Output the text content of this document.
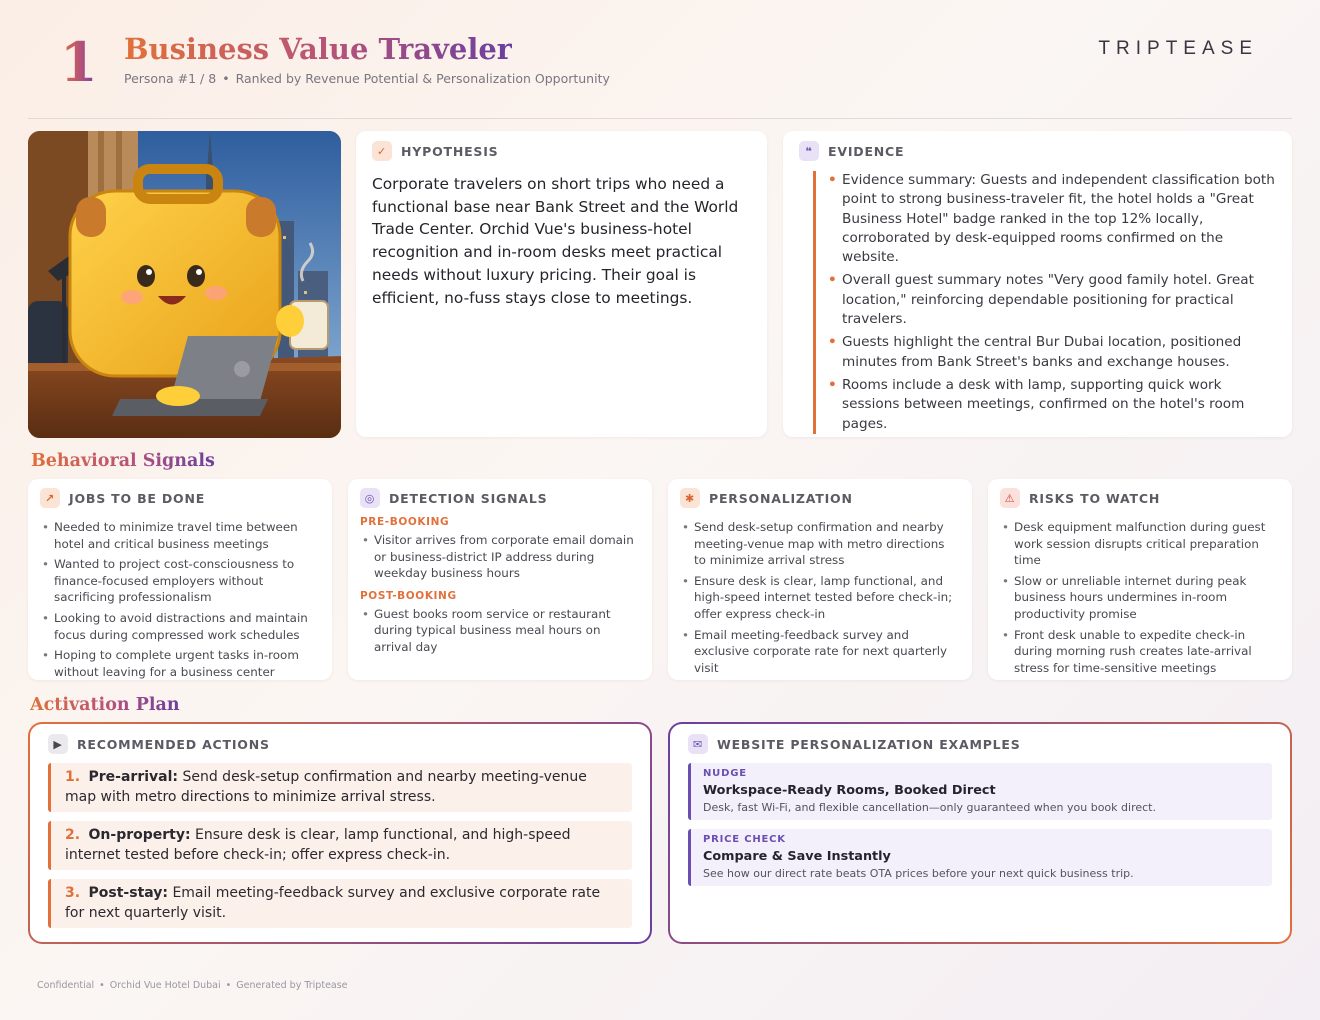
1 Business Value Traveler
Persona #1 / 8 • Ranked by Revenue Potential & Personalization Opportunity
TRIPTEASE
✓	HYPOTHESIS
Corporate travelers on short trips who need a functional base near Bank Street and the World Trade Center. Orchid Vue's business-hotel recognition and in-room desks meet practical needs without luxury pricing. Their goal is efficient, no-fuss stays close to meetings.
❝	EVIDENCE
• Evidence summary: Guests and independent classification both point to strong business-traveler fit, the hotel holds a "Great Business Hotel" badge ranked in the top 12% locally, corroborated by desk-equipped rooms confirmed on the website.
• Overall guest summary notes "Very good family hotel. Great location," reinforcing dependable positioning for practical travelers.
• Guests highlight the central Bur Dubai location, positioned minutes from Bank Street's banks and exchange houses.
• Rooms include a desk with lamp, supporting quick work sessions between meetings, confirmed on the hotel's room pages.
Behavioral Signals
↗	JOBS TO BE DONE
• Needed to minimize travel time between hotel and critical business meetings
• Wanted to project cost-consciousness to finance-focused employers without sacrificing professionalism
• Looking to avoid distractions and maintain focus during compressed work schedules
• Hoping to complete urgent tasks in-room without leaving for a business center
◎	DETECTION SIGNALS
PRE-BOOKING
• Visitor arrives from corporate email domain or business-district IP address during weekday business hours
POST-BOOKING
• Guest books room service or restaurant during typical business meal hours on arrival day
✱	PERSONALIZATION
• Send desk-setup confirmation and nearby meeting-venue map with metro directions to minimize arrival stress
• Ensure desk is clear, lamp functional, and high-speed internet tested before check-in; offer express check-in
• Email meeting-feedback survey and exclusive corporate rate for next quarterly visit
⚠	RISKS TO WATCH
• Desk equipment malfunction during guest work session disrupts critical preparation time
• Slow or unreliable internet during peak business hours undermines in-room productivity promise
• Front desk unable to expedite check-in during morning rush creates late-arrival stress for time-sensitive meetings
Activation Plan
▶	RECOMMENDED ACTIONS
1. Pre-arrival: Send desk-setup confirmation and nearby meeting-venue map with metro directions to minimize arrival stress.
2. On-property: Ensure desk is clear, lamp functional, and high-speed internet tested before check-in; offer express check-in.
3. Post-stay: Email meeting-feedback survey and exclusive corporate rate for next quarterly visit.
✉	WEBSITE PERSONALIZATION EXAMPLES
NUDGE
Workspace-Ready Rooms, Booked Direct
Desk, fast Wi-Fi, and flexible cancellation—only guaranteed when you book direct.
PRICE CHECK
Compare & Save Instantly
See how our direct rate beats OTA prices before your next quick business trip.
Confidential • Orchid Vue Hotel Dubai • Generated by Triptease
